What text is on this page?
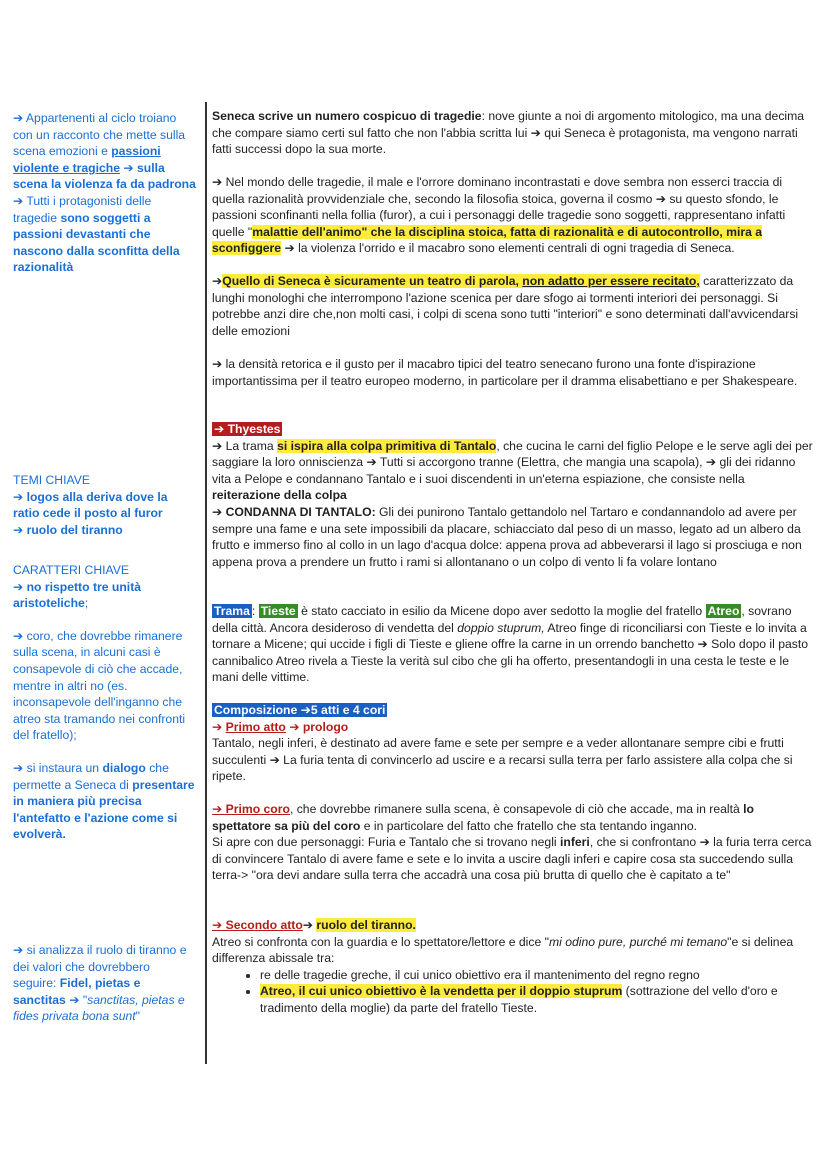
➔ Appartenenti al ciclo troiano con un racconto che mette sulla scena emozioni e passioni violente e tragiche ➔ sulla scena la violenza fa da padrona ➔ Tutti i protagonisti delle tragedie sono soggetti a passioni devastanti che nascono dalla sconfitta della razionalità
TEMI CHIAVE
➔ logos alla deriva dove la ratio cede il posto al furor
➔ ruolo del tiranno
CARATTERI CHIAVE
➔ no rispetto tre unità aristoteliche;
➔ coro, che dovrebbe rimanere sulla scena, in alcuni casi è consapevole di ciò che accade, mentre in altri no (es. inconsapevole dell'inganno che atreo sta tramando nei confronti del fratello);
➔ si instaura un dialogo che permette a Seneca di presentare in maniera più precisa l'antefatto e l'azione come si evolverà.
➔ si analizza il ruolo di tiranno e dei valori che dovrebbero seguire: Fidel, pietas e sanctitas ➔ "sanctitas, pietas e fides privata bona sunt"
Seneca scrive un numero cospicuo di tragedie: nove giunte a noi di argomento mitologico, ma una decima che compare siamo certi sul fatto che non l'abbia scritta lui ➔ qui Seneca è protagonista, ma vengono narrati fatti successi dopo la sua morte.
➔ Nel mondo delle tragedie, il male e l'orrore dominano incontrastati e dove sembra non esserci traccia di quella razionalità provvidenziale che, secondo la filosofia stoica, governa il cosmo ➔ su questo sfondo, le passioni sconfinanti nella follia (furor), a cui i personaggi delle tragedie sono soggetti, rappresentano infatti quelle "malattie dell'animo" che la disciplina stoica, fatta di razionalità e di autocontrollo, mira a sconfiggere ➔ la violenza l'orrido e il macabro sono elementi centrali di ogni tragedia di Seneca.
➔Quello di Seneca è sicuramente un teatro di parola, non adatto per essere recitato, caratterizzato da lunghi monologhi che interrompono l'azione scenica per dare sfogo ai tormenti interiori dei personaggi. Si potrebbe anzi dire che,non molti casi, i colpi di scena sono tutti "interiori" e sono determinati dall'avvicendarsi delle emozioni
➔ la densità retorica e il gusto per il macabro tipici del teatro senecano furono una fonte d'ispirazione importantissima per il teatro europeo moderno, in particolare per il dramma elisabettiano e per Shakespeare.
➔ Thyestes
➔ La trama si ispira alla colpa primitiva di Tantalo, che cucina le carni del figlio Pelope e le serve agli dei per saggiare la loro onniscienza ➔ Tutti si accorgono tranne (Elettra, che mangia una scapola), ➔ gli dei ridanno vita a Pelope e condannano Tantalo e i suoi discendenti in un'eterna espiazione, che consiste nella reiterazione della colpa
➔ CONDANNA DI TANTALO: Gli dei punirono Tantalo gettandolo nel Tartaro e condannandolo ad avere per sempre una fame e una sete impossibili da placare, schiacciato dal peso di un masso, legato ad un albero da frutto e immerso fino al collo in un lago d'acqua dolce: appena prova ad abbeverarsi il lago si prosciuga e non appena prova a prendere un frutto i rami si allontanano o un colpo di vento li fa volare lontano
Trama : Tieste è stato cacciato in esilio da Micene dopo aver sedotto la moglie del fratello Atreo , sovrano della città. Ancora desideroso di vendetta del doppio stuprum, Atreo finge di riconciliarsi con Tieste e lo invita a tornare a Micene; qui uccide i figli di Tieste e gliene offre la carne in un orrendo banchetto ➔ Solo dopo il pasto cannibalico Atreo rivela a Tieste la verità sul cibo che gli ha offerto, presentandogli in una cesta le teste e le mani delle vittime.
Composizione ➔5 atti e 4 cori
➔ Primo atto ➔ prologo
Tantalo, negli inferi, è destinato ad avere fame e sete per sempre e a veder allontanare sempre cibi e frutti succulenti ➔ La furia tenta di convincerlo ad uscire e a recarsi sulla terra per farlo assistere alla colpa che si ripete.
➔ Primo coro, che dovrebbe rimanere sulla scena, è consapevole di ciò che accade, ma in realtà lo spettatore sa più del coro e in particolare del fatto che fratello che sta tentando inganno.
Si apre con due personaggi: Furia e Tantalo che si trovano negli inferi, che si confrontano ➔ la furia terra cerca di convincere Tantalo di avere fame e sete e lo invita a uscire dagli inferi e capire cosa sta succedendo sulla terra-> "ora devi andare sulla terra che accadrà una cosa più brutta di quello che è capitato a te"
➔ Secondo atto➔ ruolo del tiranno.
Atreo si confronta con la guardia e lo spettatore/lettore e dice "mi odino pure, purché mi temano"e si delinea differenza abissale tra:
• re delle tragedie greche, il cui unico obiettivo era il mantenimento del regno regno
• Atreo, il cui unico obiettivo è la vendetta per il doppio stuprum (sottrazione del vello d'oro e tradimento della moglie) da parte del fratello Tieste.
